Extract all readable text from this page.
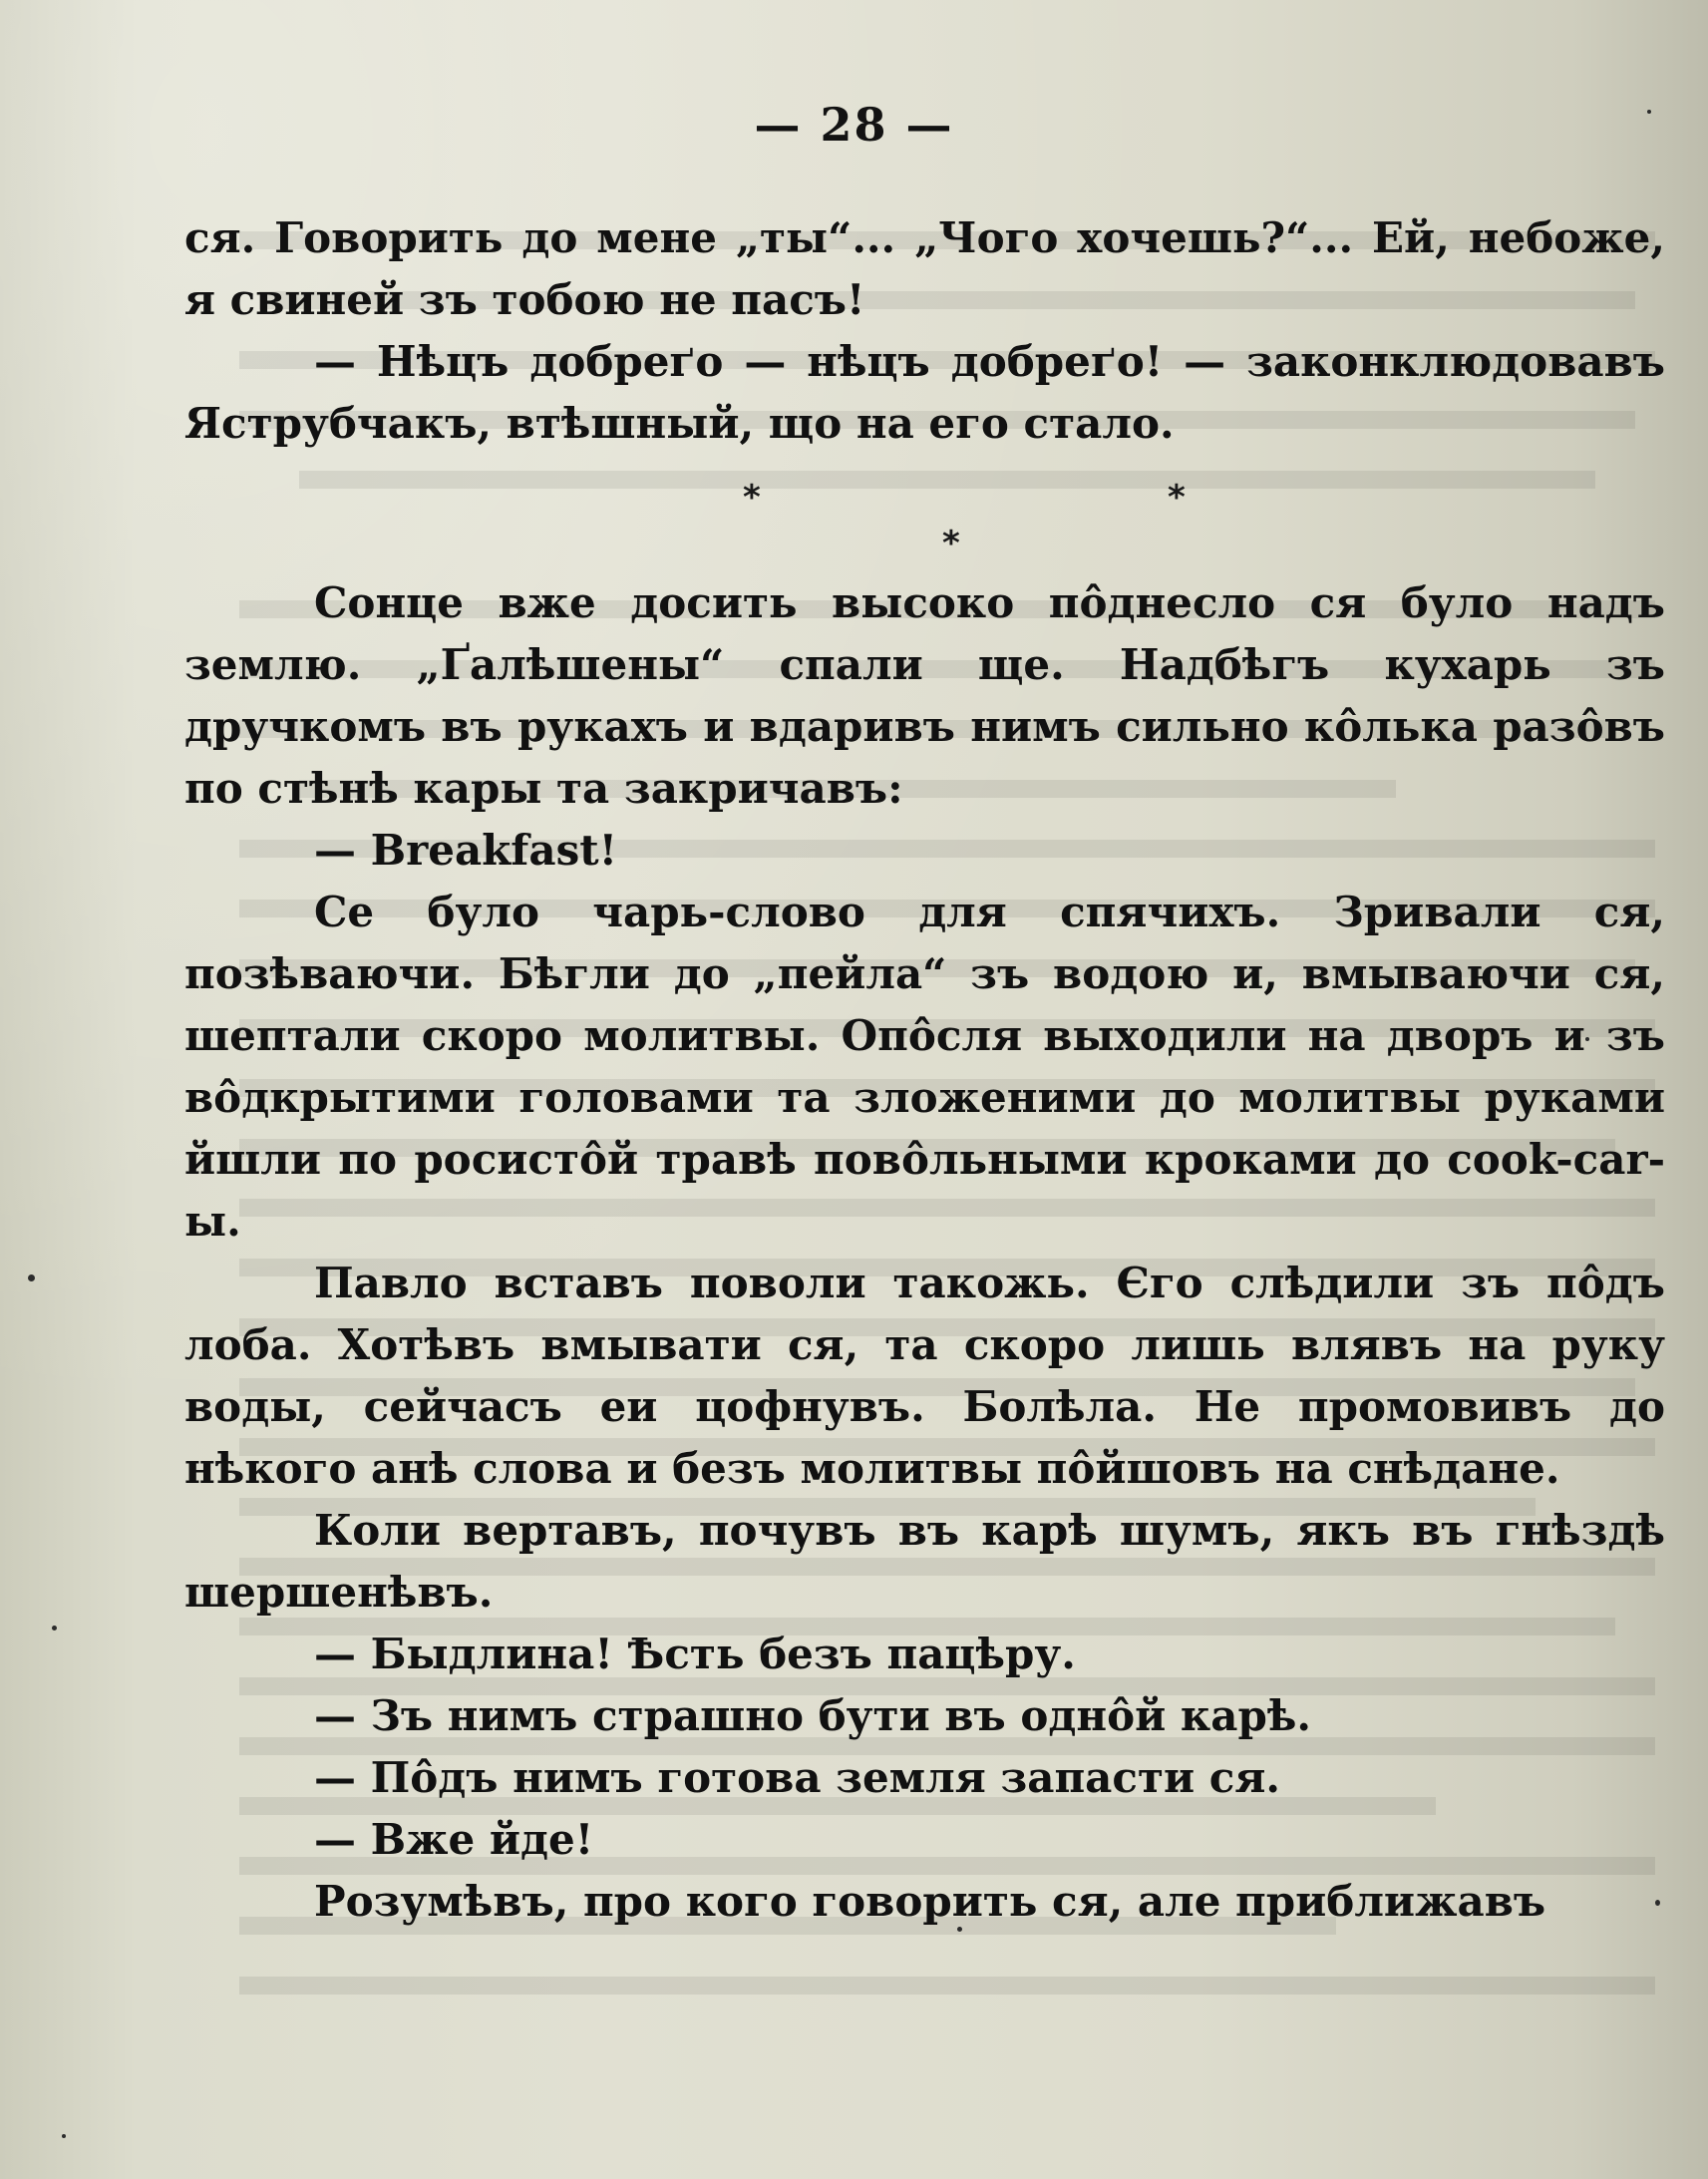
— 28 —

ся. Говорить до мене „ты“... „Чого хочешь?“... Ей, небоже, я свиней зъ тобою не пасъ!

— Нѣцъ добреґо — нѣцъ добреґо! — законклюдовавъ Яструбчакъ, втѣшный, що на его стало.

*	*
*

Сонце вже досить высоко пôднесло ся було надъ землю. „Ґалѣшены“ спали ще. Надбѣгъ кухарь зъ дручкомъ въ рукахъ и вдаривъ нимъ сильно кôлька разôвъ по стѣнѣ кары та закричавъ:

— Breakfast!

Се було чарь-слово для спячихъ. Зривали ся, позѣваючи. Бѣгли до „пейла“ зъ водою и, вмываючи ся, шептали скоро молитвы. Опôсля выходили на дворъ и зъ вôдкрытими головами та зложеними до молитвы руками йшли по росистôй травѣ повôльными кроками до cook-car-ы.

Павло вставъ поволи такожь. Єго слѣдили зъ пôдъ лоба. Хотѣвъ вмывати ся, та скоро лишь влявъ на руку воды, сейчасъ еи цофнувъ. Болѣла. Не промовивъ до нѣкого анѣ слова и безъ молитвы пôйшовъ на снѣдане.

Коли вертавъ, почувъ въ карѣ шумъ, якъ въ гнѣздѣ шершенѣвъ.

— Быдлина! Ѣсть безъ пацѣру.

— Зъ нимъ страшно бути въ однôй карѣ.

— Пôдъ нимъ готова земля запасти ся.

— Вже йде!

Розумѣвъ, про кого говорить ся, але приближавъ
